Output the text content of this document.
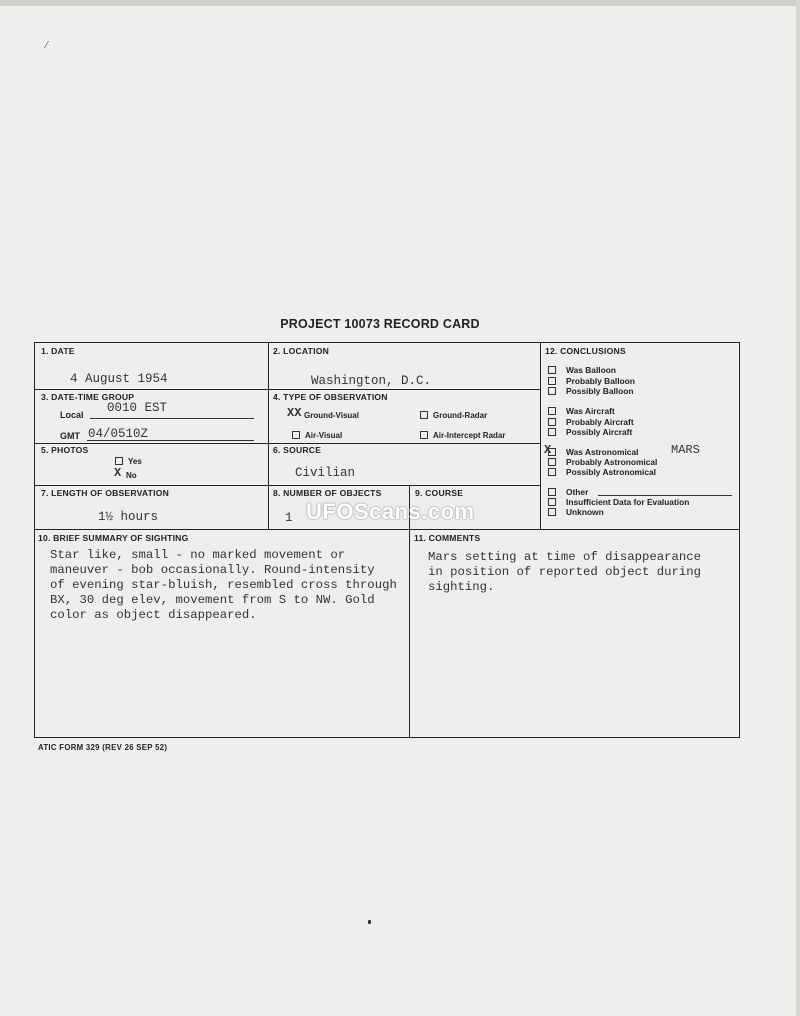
⁄
PROJECT 10073 RECORD CARD
1. DATE
4 August 1954
2. LOCATION
Washington, D.C.
3. DATE-TIME GROUP
Local 0010 EST
GMT 04/0510Z
4. TYPE OF OBSERVATION
XX Ground-Visual	Ground-Radar
Air-Visual	Air-Intercept Radar
5. PHOTOS
Yes
X No
6. SOURCE
Civilian
7. LENGTH OF OBSERVATION
1½ hours
8. NUMBER OF OBJECTS
1
9. COURSE
12. CONCLUSIONS
Was Balloon
Probably Balloon
Possibly Balloon
Was Aircraft
Probably Aircraft
Possibly Aircraft
X	Was Astronomical	MARS
Probably Astronomical
Possibly Astronomical
Other
Insufficient Data for Evaluation
Unknown
10. BRIEF SUMMARY OF SIGHTING
Star like, small - no marked movement or
maneuver - bob occasionally. Round-intensity
of evening star-bluish, resembled cross through
BX, 30 deg elev, movement from S to NW. Gold
color as object disappeared.
11. COMMENTS
Mars setting at time of disappearance
in position of reported object during
sighting.
UFOScans.com
ATIC FORM 329 (REV 26 SEP 52)
